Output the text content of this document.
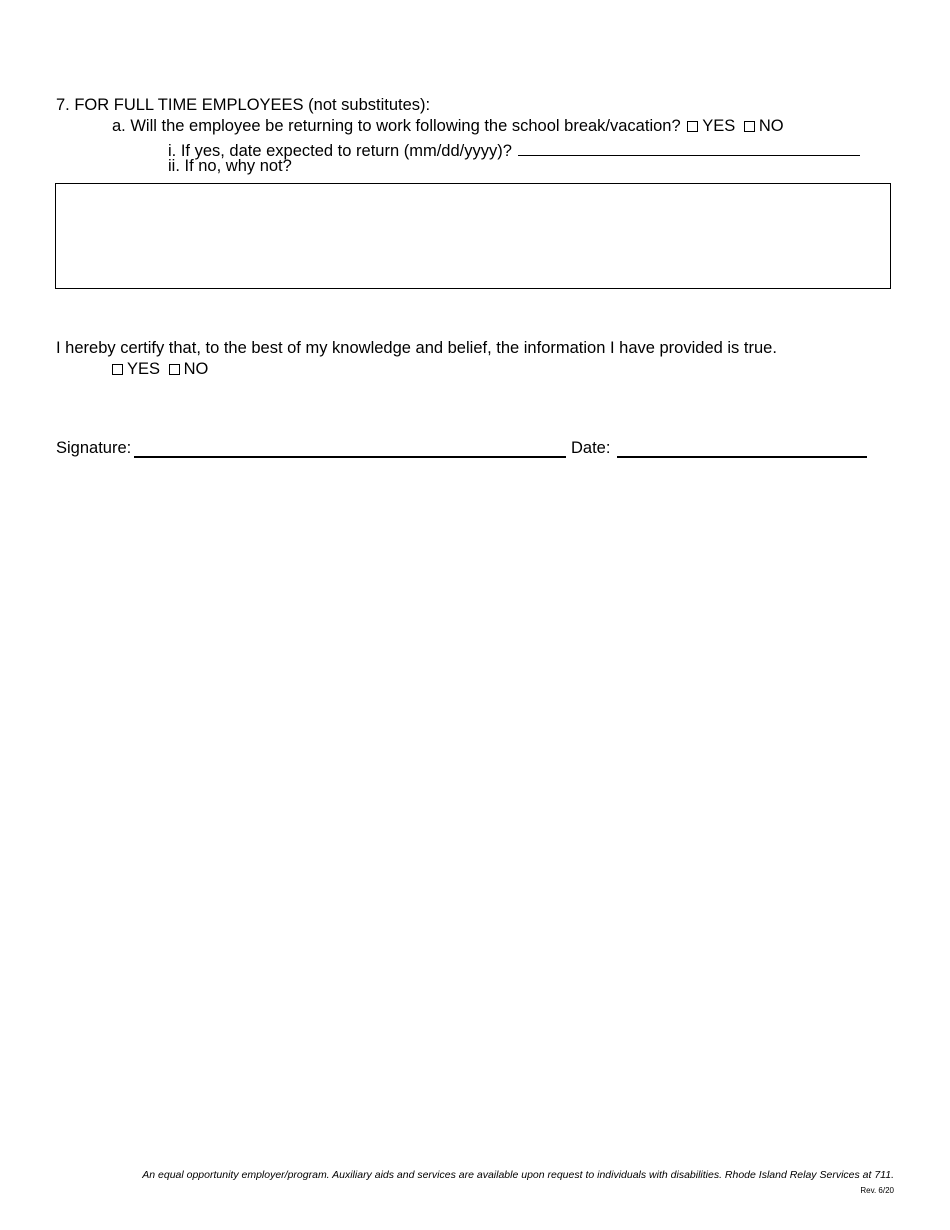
7. FOR FULL TIME EMPLOYEES (not substitutes):
a. Will the employee be returning to work following the school break/vacation? YES NO
i. If yes, date expected to return (mm/dd/yyyy)?
ii. If no, why not?
I hereby certify that, to the best of my knowledge and belief, the information I have provided is true.
YES NO
Signature:	Date:
An equal opportunity employer/program. Auxiliary aids and services are available upon request to individuals with disabilities. Rhode Island Relay Services at 711.
Rev. 6/20
